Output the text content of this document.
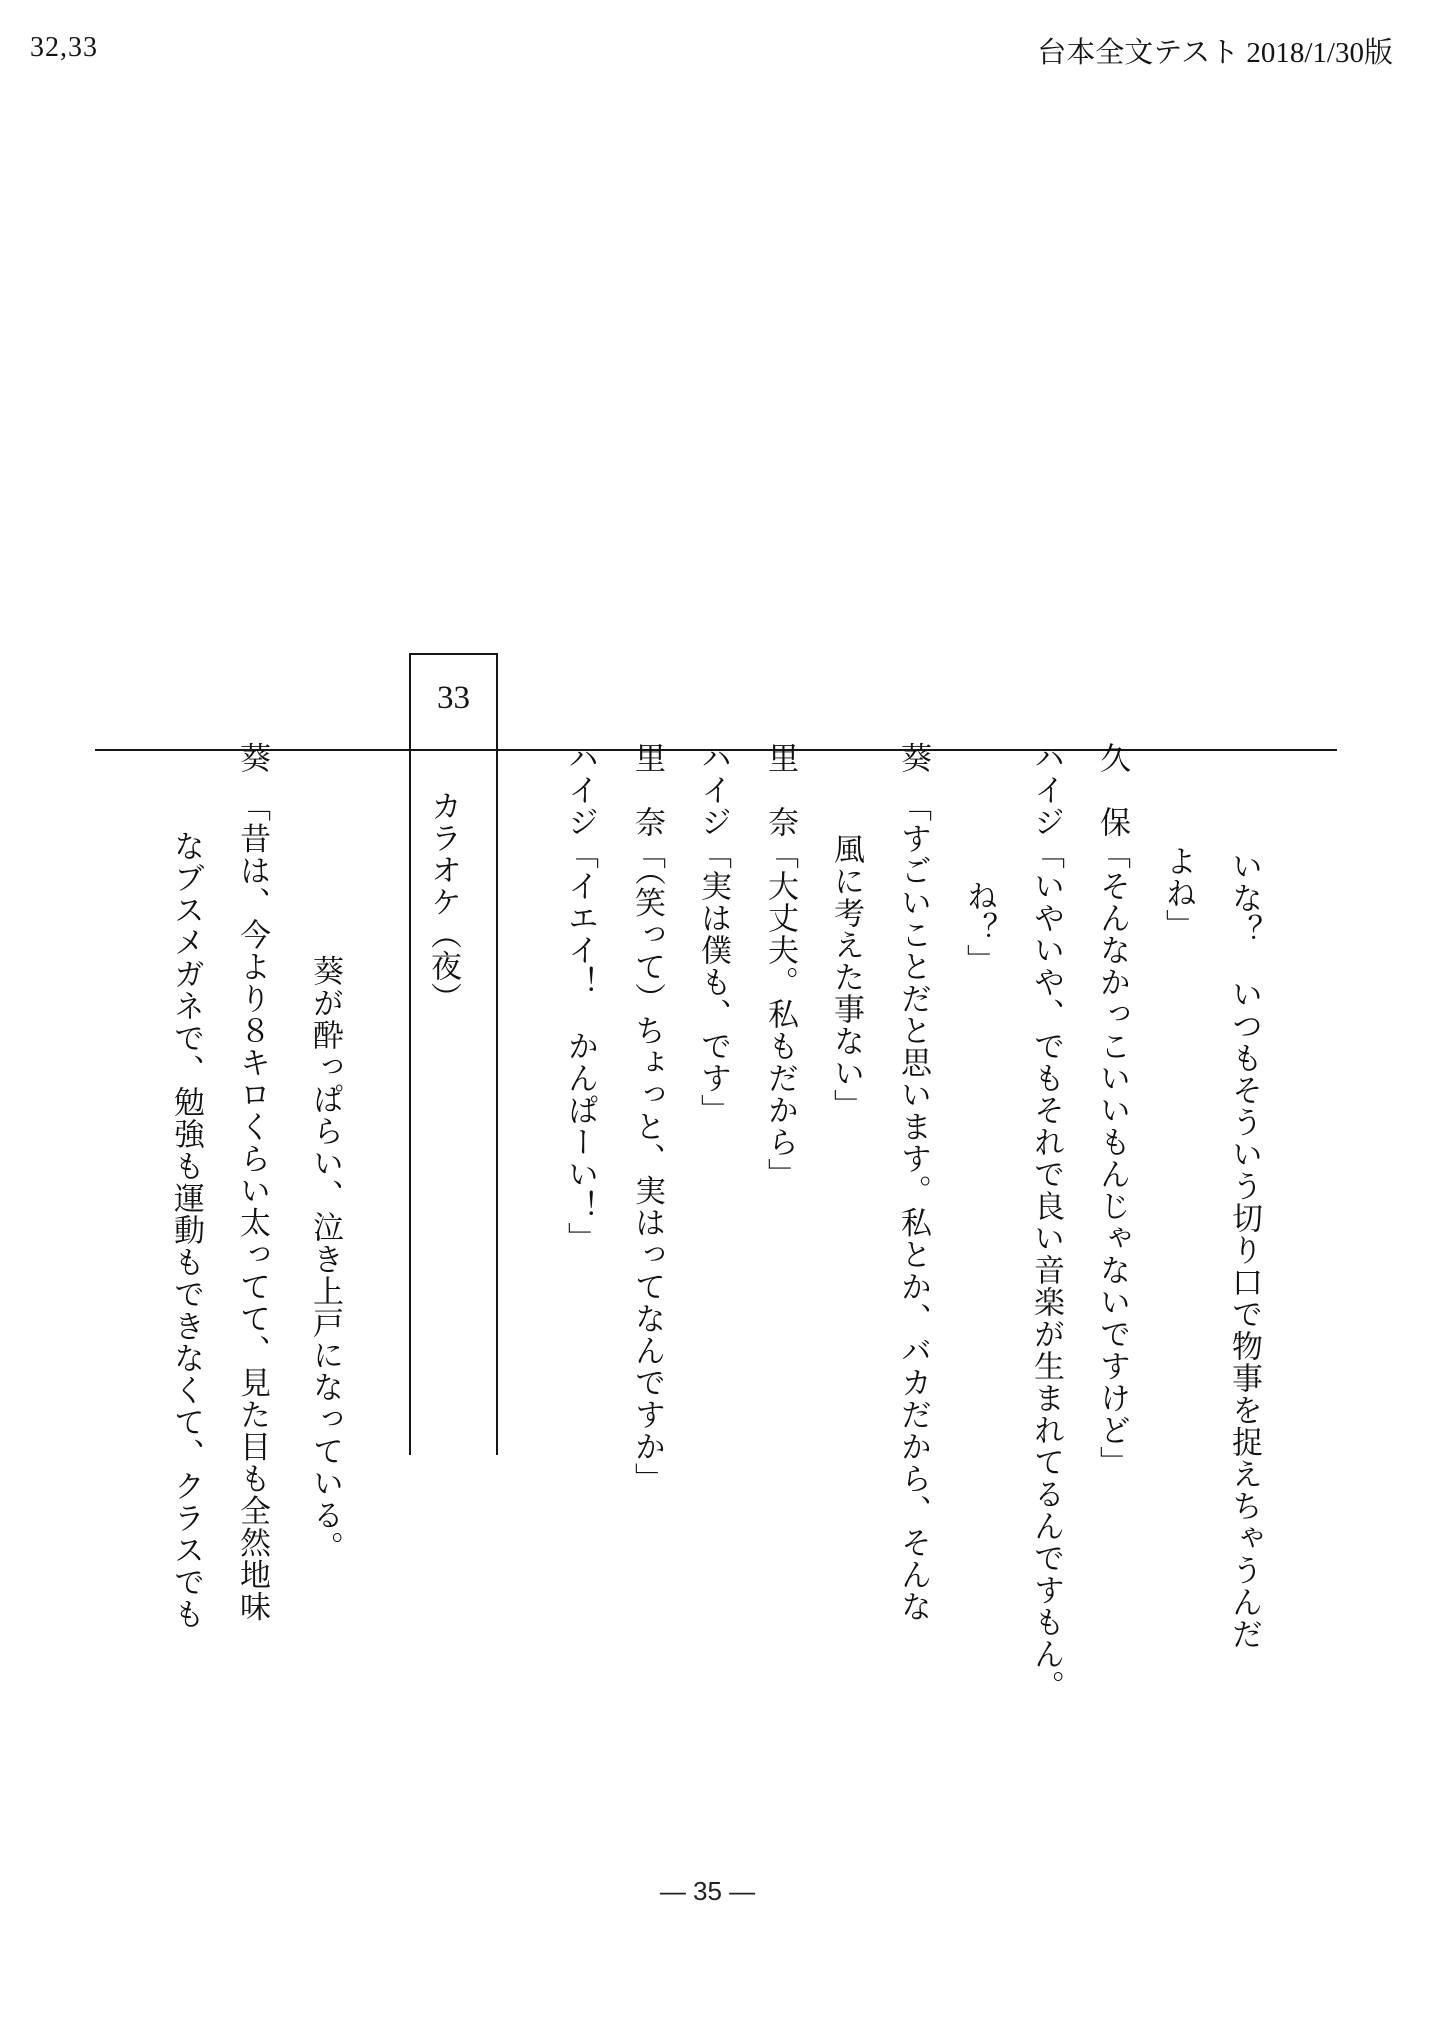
32,33	台本全文テスト 2018/1/30版
33
カラオケ（夜）	いな？　いつもそういう切り口で物事を捉えちゃうんだ
よね」
久　保「そんなかっこいいもんじゃないですけど」
ハイジ「いやいや、でもそれで良い音楽が生まれてるんですもん。
ね？」
葵　「すごいことだと思います。私とか、バカだから、そんな
風に考えた事ない」
里　奈「大丈夫。私もだから」
ハイジ「実は僕も、です」
里　奈「（笑って）ちょっと、実はってなんですか」
ハイジ「イエイ！　かんぱーい！」
葵が酔っぱらい、泣き上戸になっている。
葵　「昔は、今より８キロくらい太ってて、見た目も全然地味
なブスメガネで、勉強も運動もできなくて、クラスでも
— 35 —
